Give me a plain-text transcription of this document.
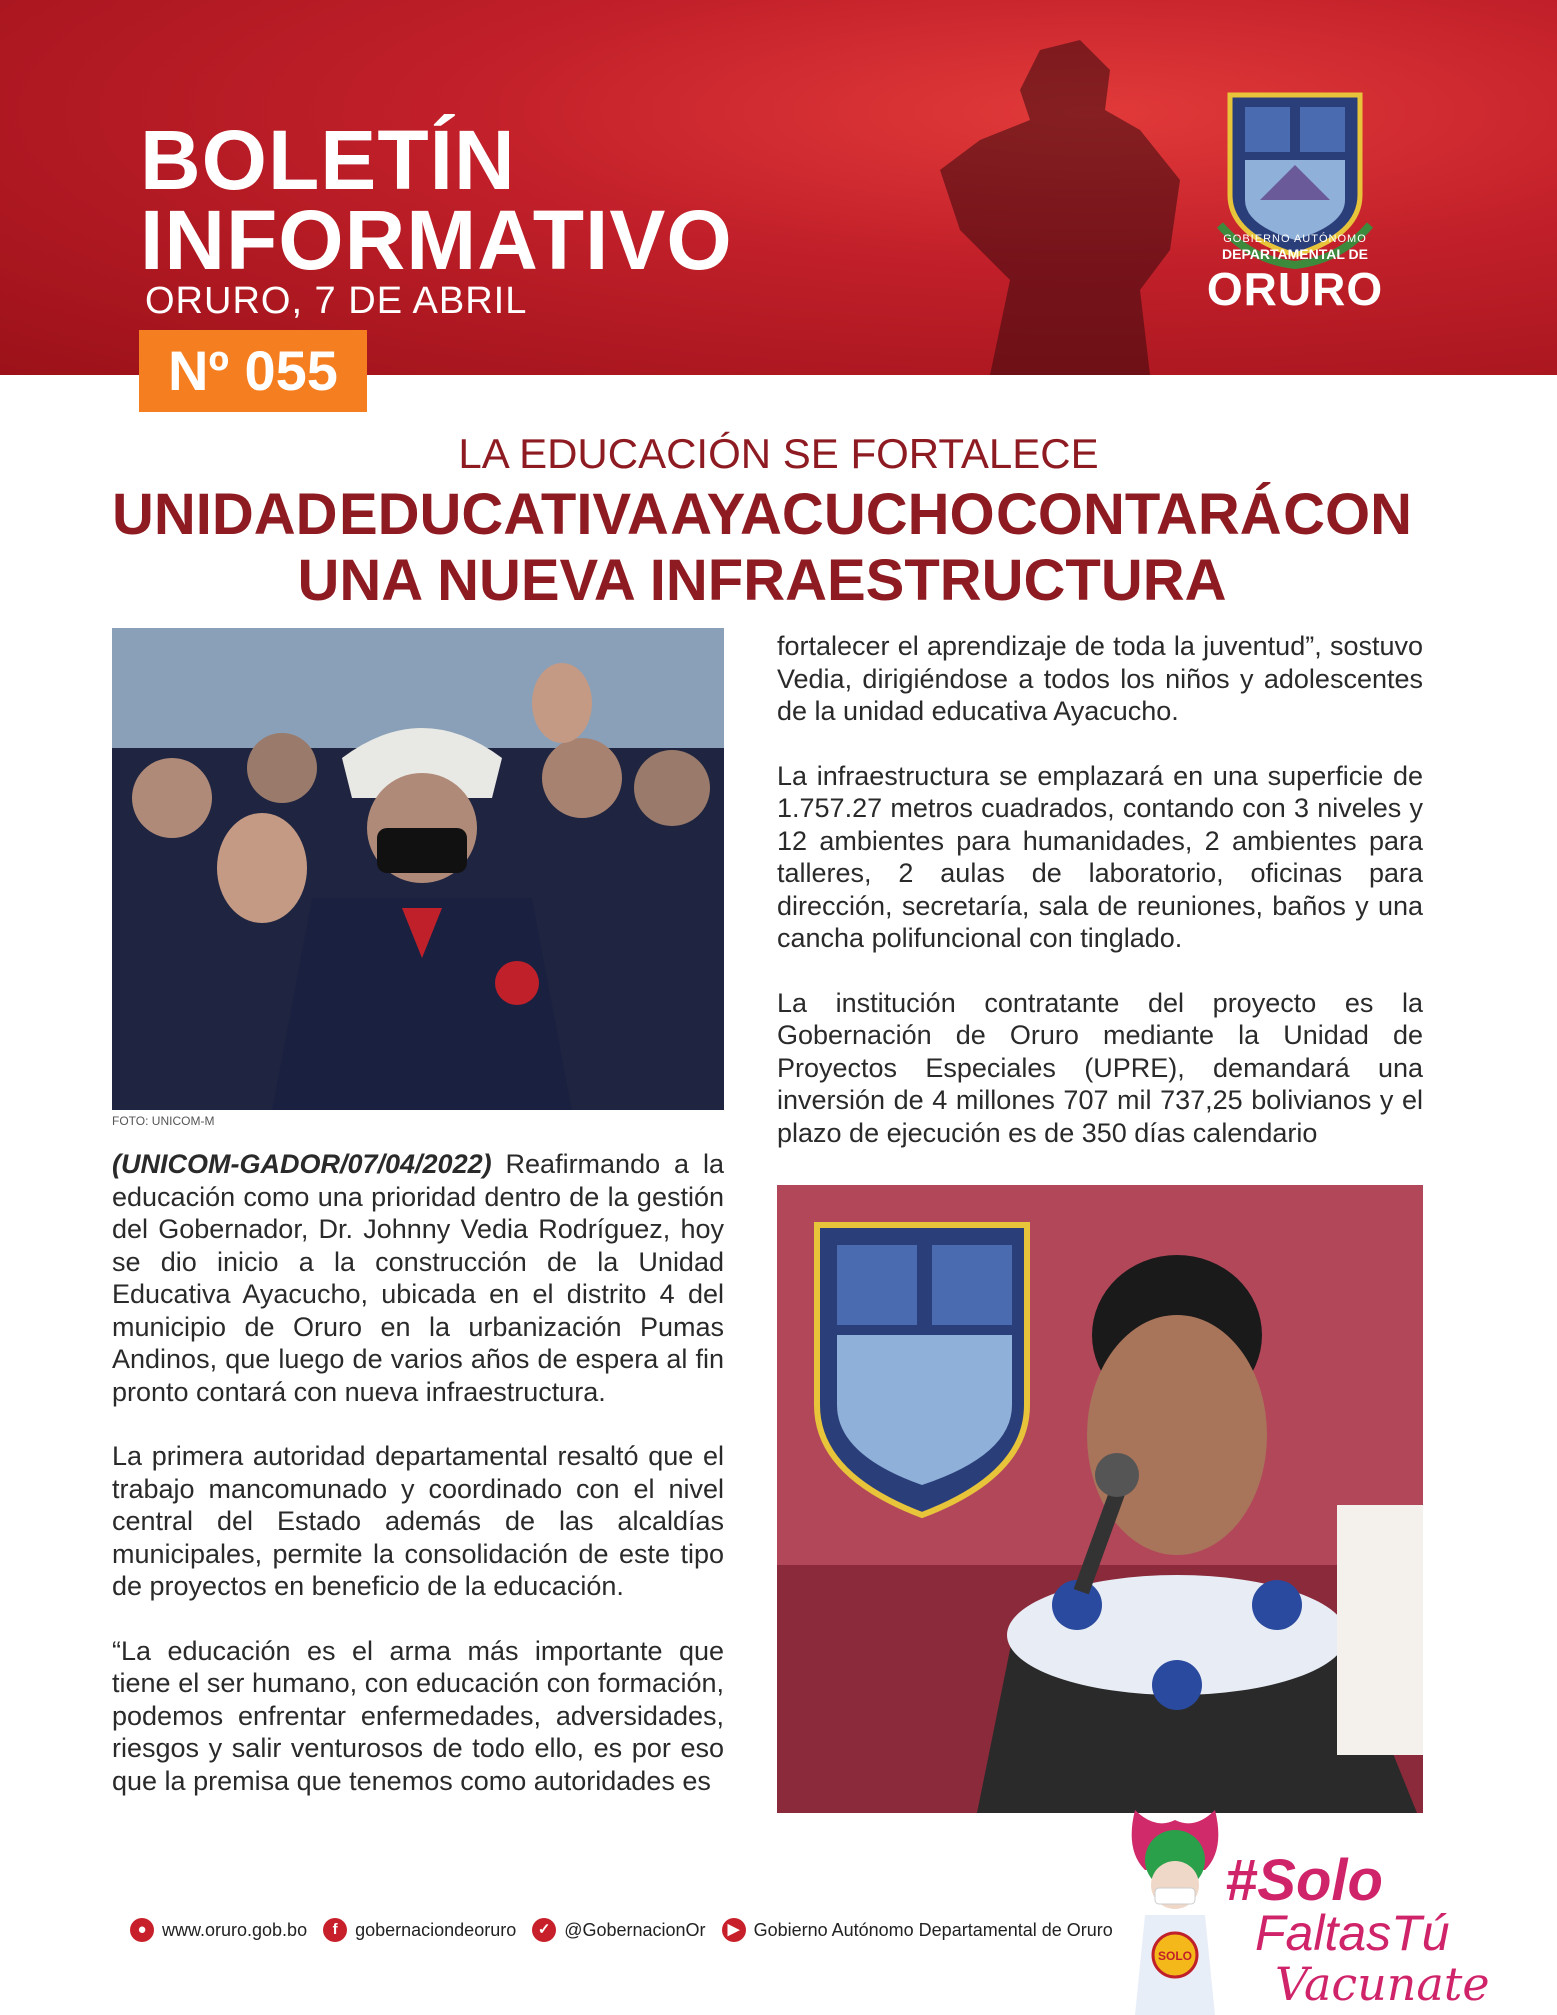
BOLETÍN
INFORMATIVO
ORURO, 7 DE ABRIL
GOBIERNO AUTÓNOMO
DEPARTAMENTAL DE
ORURO
Nº 055
LA EDUCACIÓN SE FORTALECE
UNIDAD EDUCATIVA AYACUCHO CONTARÁ CON
UNA NUEVA INFRAESTRUCTURA
FOTO: UNICOM-M

(UNICOM-GADOR/07/04/2022) Reafirmando a la educación como una prioridad dentro de la gestión del Gobernador, Dr. Johnny Vedia Rodríguez, hoy se dio inicio a la construcción de la Unidad Educativa Ayacucho, ubicada en el distrito 4 del municipio de Oruro en la urbanización Pumas Andinos, que luego de varios años de espera al fin pronto contará con nueva infraestructura.

La primera autoridad departamental resaltó que el trabajo mancomunado y coordinado con el nivel central del Estado además de las alcaldías municipales, permite la consolidación de este tipo de proyectos en beneficio de la educación.

“La educación es el arma más importante que tiene el ser humano, con educación con formación, podemos enfrentar enfermedades, adversidades, riesgos y salir venturosos de todo ello, es por eso que la premisa que tenemos como autoridades es

fortalecer el aprendizaje de toda la juventud”, sostuvo Vedia, dirigiéndose a todos los niños y adolescentes de la unidad educativa Ayacucho.

La infraestructura se emplazará en una superficie de 1.757.27 metros cuadrados, contando con 3 niveles y 12 ambientes para humanidades, 2 ambientes para talleres, 2 aulas de laboratorio, oficinas para dirección, secretaría, sala de reuniones, baños y una cancha polifuncional con tinglado.

La institución contratante del proyecto es la Gobernación de Oruro mediante la Unidad de Proyectos Especiales (UPRE), demandará una inversión de 4 millones 707 mil 737,25 bolivianos y el plazo de ejecución es de 350 días calendario

● www.oruro.gob.bo	f gobernaciondeoruro	✓ @GobernacionOr	▶ Gobierno Autónomo Departamental de Oruro
SOLO
#Solo
FaltasTú
Vacunate
